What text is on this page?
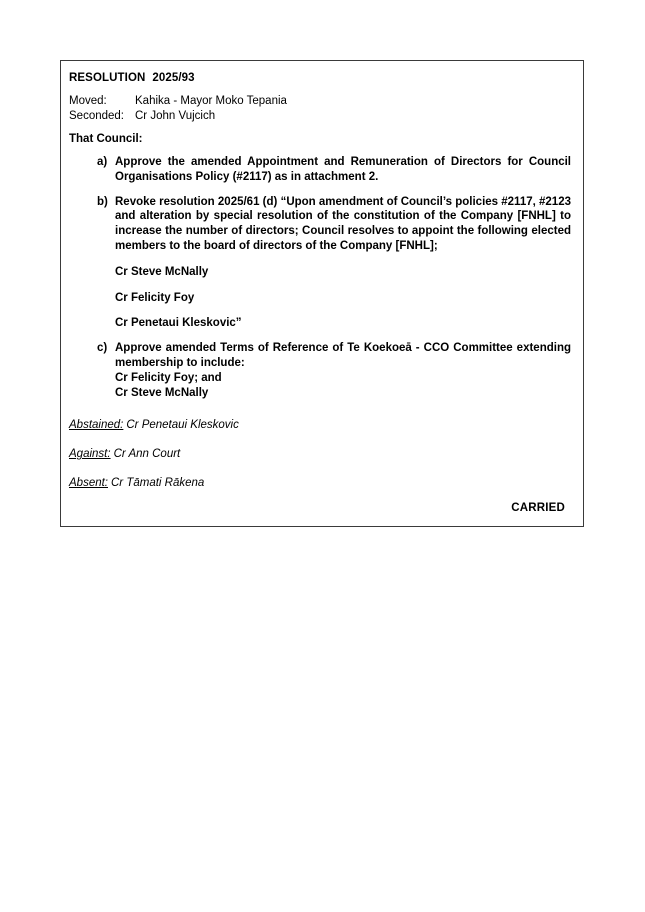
RESOLUTION 2025/93
Moved:	Kahika - Mayor Moko Tepania
Seconded: Cr John Vujcich
That Council:
a) Approve the amended Appointment and Remuneration of Directors for Council Organisations Policy (#2117) as in attachment 2.
b) Revoke resolution 2025/61 (d) “Upon amendment of Council’s policies #2117, #2123 and alteration by special resolution of the constitution of the Company [FNHL] to increase the number of directors; Council resolves to appoint the following elected members to the board of directors of the Company [FNHL];
Cr Steve McNally
Cr Felicity Foy
Cr Penetaui Kleskovic”
c) Approve amended Terms of Reference of Te Koekoeā - CCO Committee extending membership to include:
Cr Felicity Foy; and
Cr Steve McNally
Abstained: Cr Penetaui Kleskovic
Against: Cr Ann Court
Absent: Cr Tāmati Rākena
CARRIED
